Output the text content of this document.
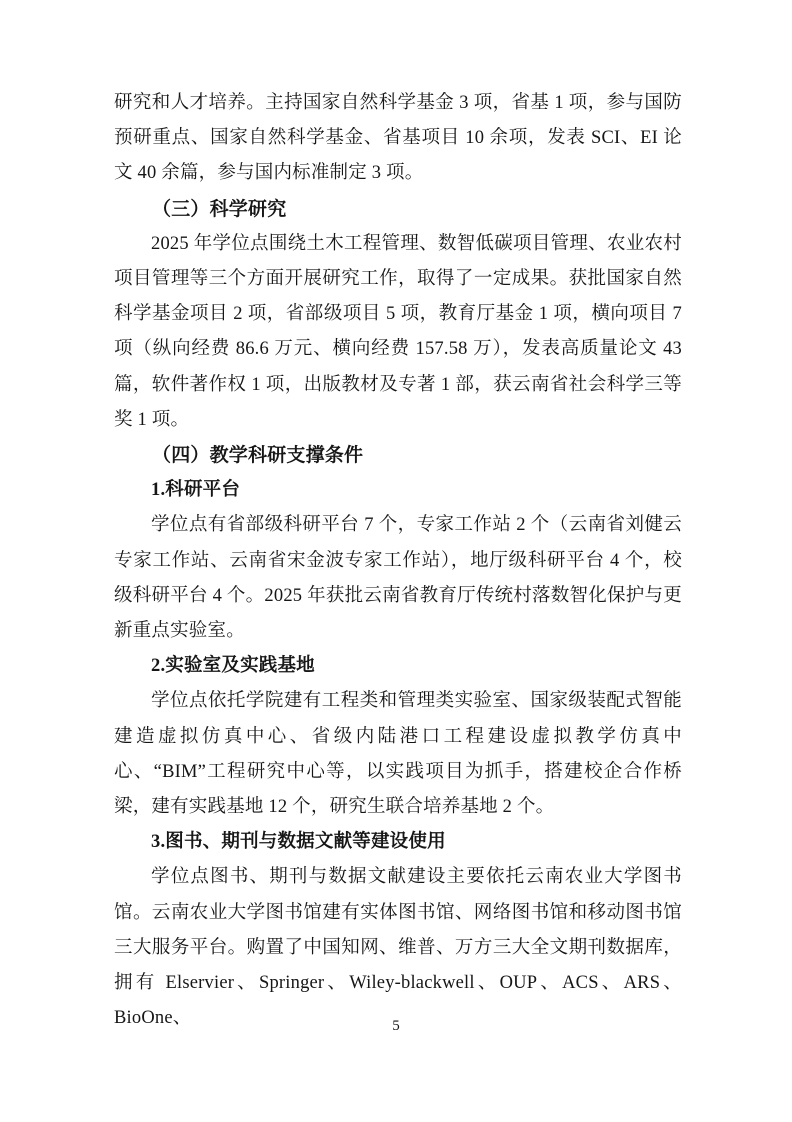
研究和人才培养。主持国家自然科学基金 3 项，省基 1 项，参与国防预研重点、国家自然科学基金、省基项目 10 余项，发表 SCI、EI 论文 40 余篇，参与国内标准制定 3 项。

（三）科学研究

2025 年学位点围绕土木工程管理、数智低碳项目管理、农业农村项目管理等三个方面开展研究工作，取得了一定成果。获批国家自然科学基金项目 2 项，省部级项目 5 项，教育厅基金 1 项，横向项目 7 项（纵向经费 86.6 万元、横向经费 157.58 万），发表高质量论文 43 篇，软件著作权 1 项，出版教材及专著 1 部，获云南省社会科学三等奖 1 项。

（四）教学科研支撑条件

1.科研平台

学位点有省部级科研平台 7 个，专家工作站 2 个（云南省刘健云专家工作站、云南省宋金波专家工作站），地厅级科研平台 4 个，校级科研平台 4 个。2025 年获批云南省教育厅传统村落数智化保护与更新重点实验室。

2.实验室及实践基地

学位点依托学院建有工程类和管理类实验室、国家级装配式智能建造虚拟仿真中心、省级内陆港口工程建设虚拟教学仿真中心、“BIM”工程研究中心等，以实践项目为抓手，搭建校企合作桥梁，建有实践基地 12 个，研究生联合培养基地 2 个。

3.图书、期刊与数据文献等建设使用

学位点图书、期刊与数据文献建设主要依托云南农业大学图书馆。云南农业大学图书馆建有实体图书馆、网络图书馆和移动图书馆三大服务平台。购置了中国知网、维普、万方三大全文期刊数据库，拥有 Elservier、Springer、Wiley-blackwell、OUP、ACS、ARS、BioOne、	5
